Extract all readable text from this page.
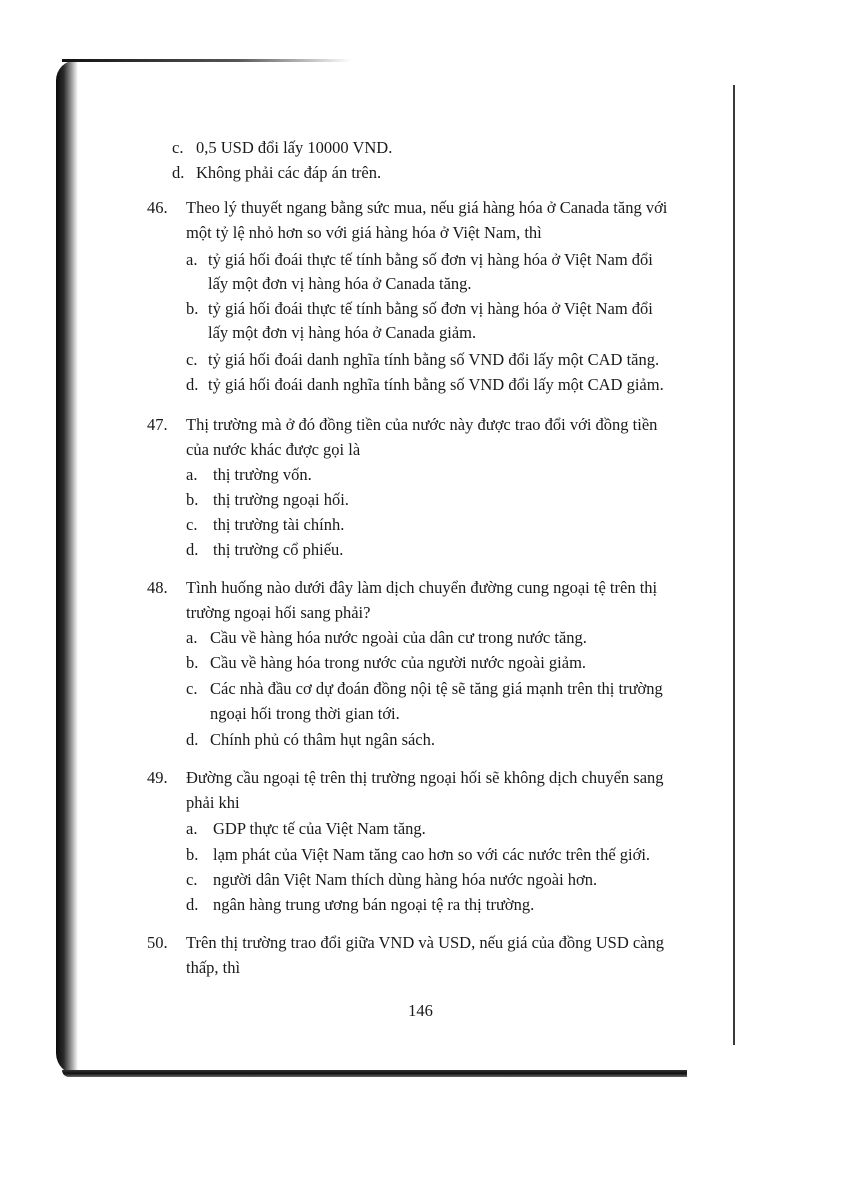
c. 0,5 USD đổi lấy 10000 VND.
d. Không phải các đáp án trên.
46. Theo lý thuyết ngang bằng sức mua, nếu giá hàng hóa ở Canada tăng với
một tỷ lệ nhỏ hơn so với giá hàng hóa ở Việt Nam, thì
a. tỷ giá hối đoái thực tế tính bằng số đơn vị hàng hóa ở Việt Nam đổi
lấy một đơn vị hàng hóa ở Canada tăng.
b. tỷ giá hối đoái thực tế tính bằng số đơn vị hàng hóa ở Việt Nam đổi
lấy một đơn vị hàng hóa ở Canada giảm.
c. tỷ giá hối đoái danh nghĩa tính bằng số VND đổi lấy một CAD tăng.
d. tỷ giá hối đoái danh nghĩa tính bằng số VND đổi lấy một CAD giảm.
47. Thị trường mà ở đó đồng tiền của nước này được trao đổi với đồng tiền
của nước khác được gọi là
a. thị trường vốn.
b. thị trường ngoại hối.
c. thị trường tài chính.
d. thị trường cổ phiếu.
48. Tình huống nào dưới đây làm dịch chuyển đường cung ngoại tệ trên thị
trường ngoại hối sang phải?
a. Cầu về hàng hóa nước ngoài của dân cư trong nước tăng.
b. Cầu về hàng hóa trong nước của người nước ngoài giảm.
c. Các nhà đầu cơ dự đoán đồng nội tệ sẽ tăng giá mạnh trên thị trường
ngoại hối trong thời gian tới.
d. Chính phủ có thâm hụt ngân sách.
49. Đường cầu ngoại tệ trên thị trường ngoại hối sẽ không dịch chuyển sang
phải khi
a. GDP thực tế của Việt Nam tăng.
b. lạm phát của Việt Nam tăng cao hơn so với các nước trên thế giới.
c. người dân Việt Nam thích dùng hàng hóa nước ngoài hơn.
d. ngân hàng trung ương bán ngoại tệ ra thị trường.
50. Trên thị trường trao đổi giữa VND và USD, nếu giá của đồng USD càng
thấp, thì
146
